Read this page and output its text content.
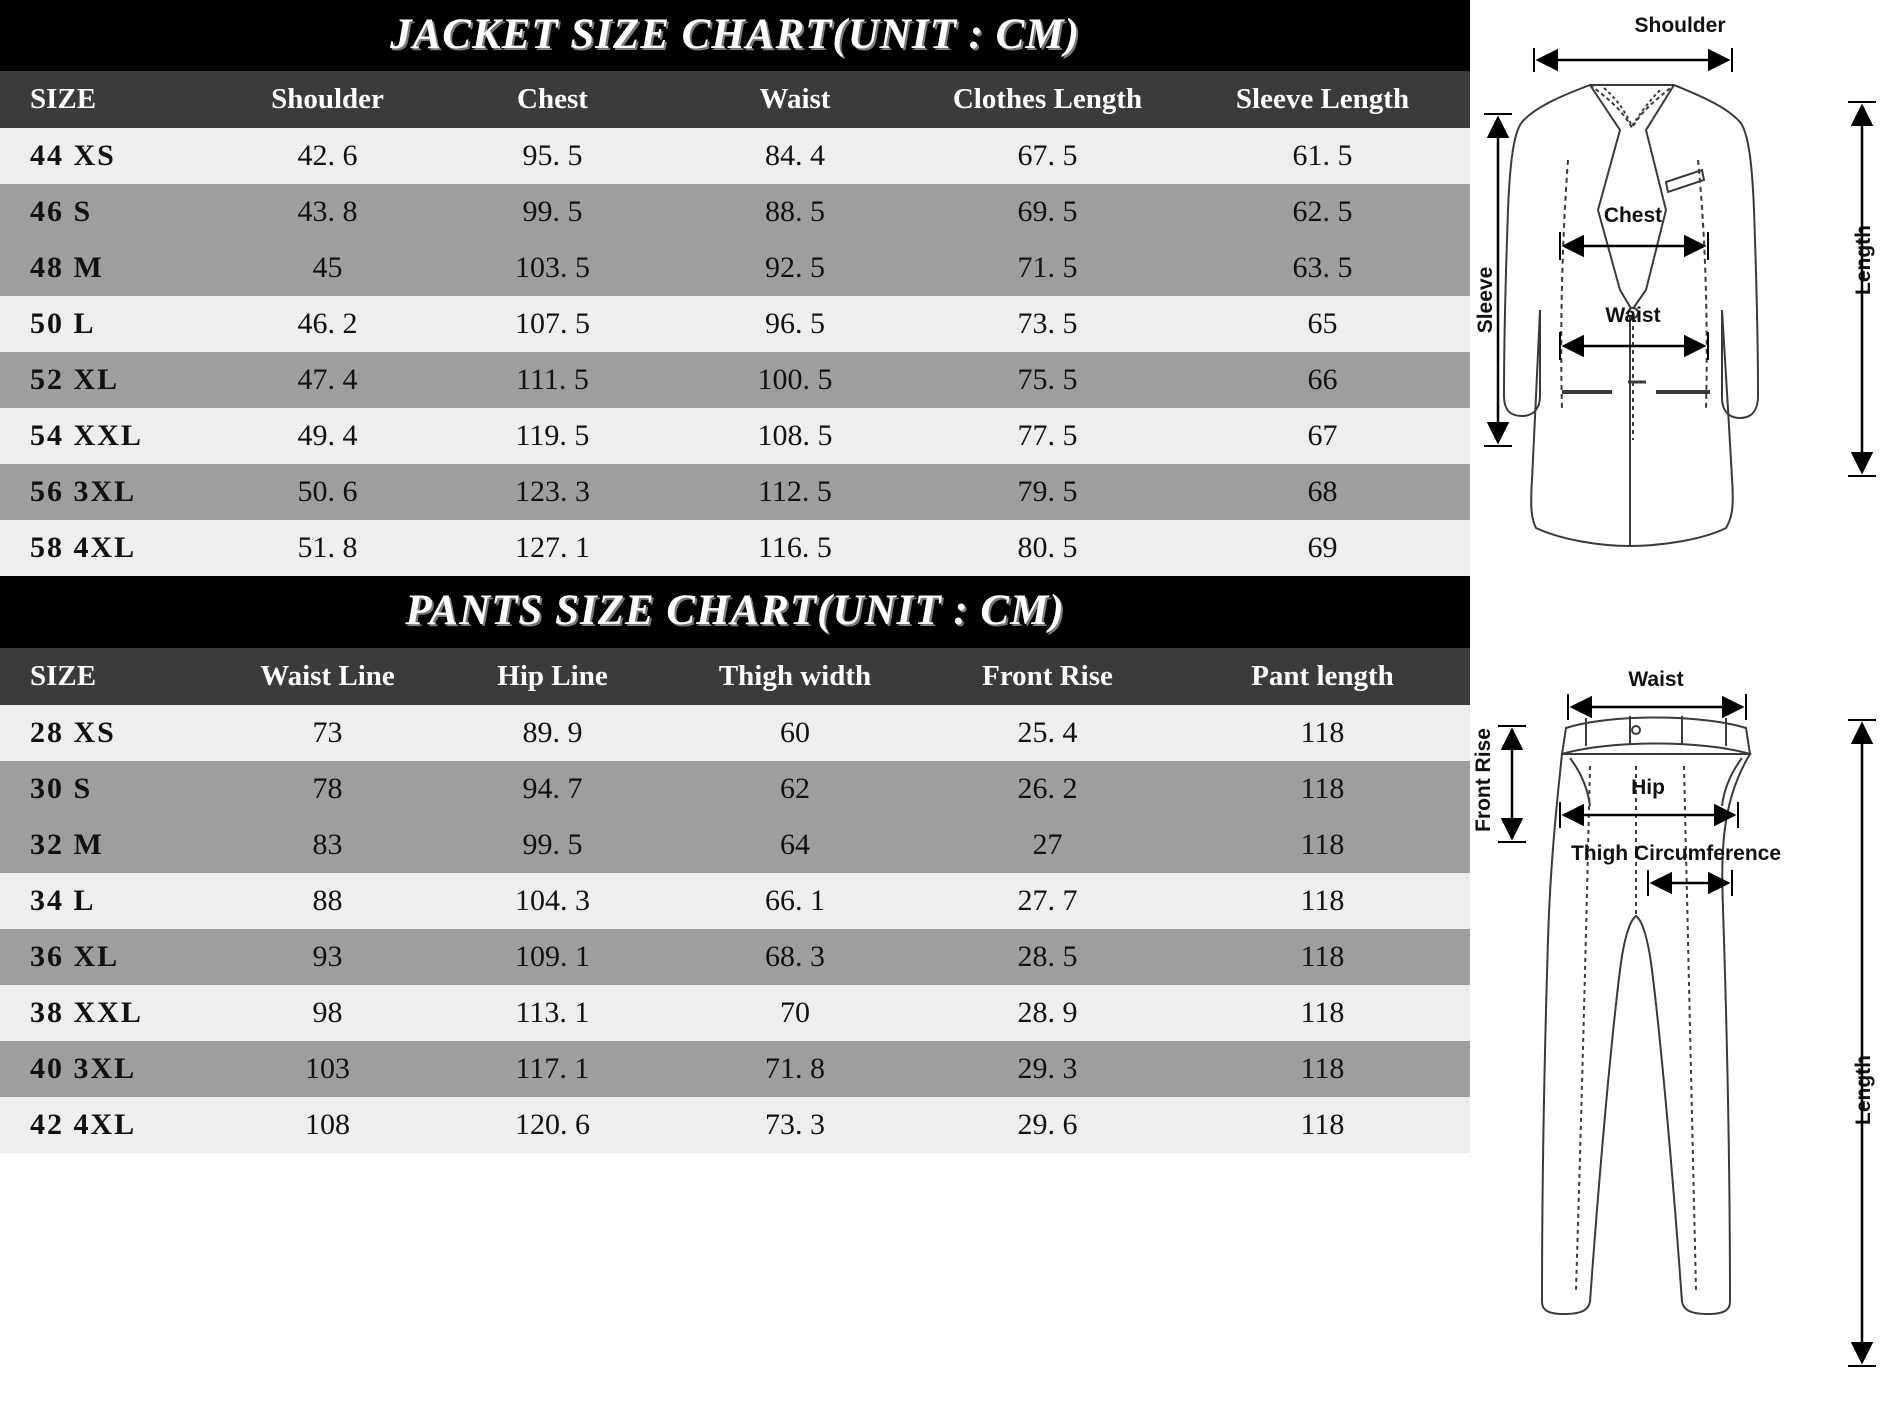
JACKET SIZE CHART(UNIT : CM)
SIZE	Shoulder	Chest	Waist	Clothes Length	Sleeve Length
44 XS	42. 6	95. 5	84. 4	67. 5	61. 5
46 S	43. 8	99. 5	88. 5	69. 5	62. 5
48 M	45	103. 5	92. 5	71. 5	63. 5
50 L	46. 2	107. 5	96. 5	73. 5	65
52 XL	47. 4	111. 5	100. 5	75. 5	66
54 XXL	49. 4	119. 5	108. 5	77. 5	67
56 3XL	50. 6	123. 3	112. 5	79. 5	68
58 4XL	51. 8	127. 1	116. 5	80. 5	69
PANTS SIZE CHART(UNIT : CM)
SIZE	Waist Line	Hip Line	Thigh width	Front Rise	Pant length
28 XS	73	89. 9	60	25. 4	118
30 S	78	94. 7	62	26. 2	118
32 M	83	99. 5	64	27	118
34 L	88	104. 3	66. 1	27. 7	118
36 XL	93	109. 1	68. 3	28. 5	118
38 XXL	98	113. 1	70	28. 9	118
40 3XL	103	117. 1	71. 8	29. 3	118
42 4XL	108	120. 6	73. 3	29. 6	118
Shoulder
Chest
Waist
Sleeve
Length
Waist
Front Rise	Hip
Thigh Circumference
Length
